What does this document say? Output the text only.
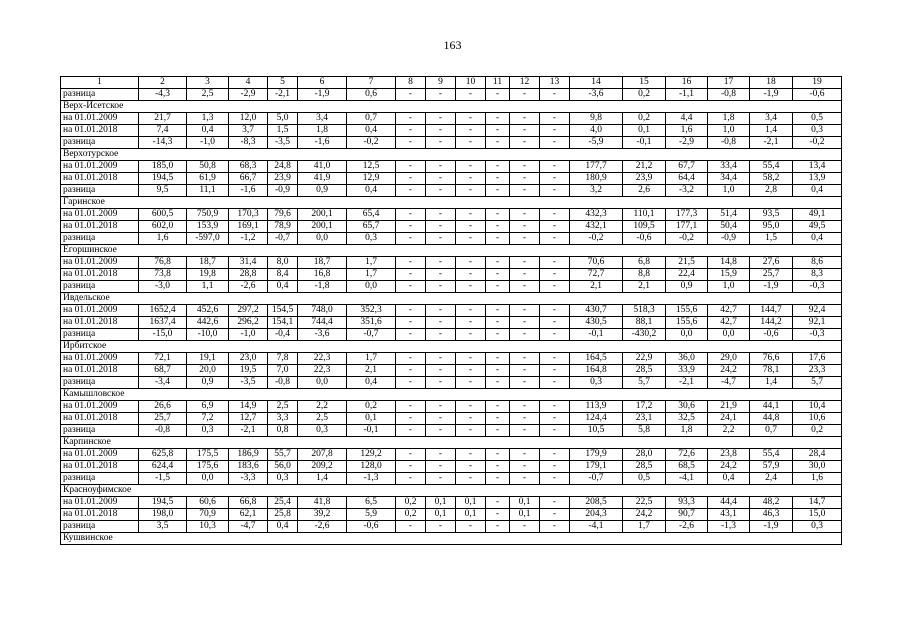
163
1	2	3	4	5	6	7	8	9	10	11	12	13	14	15	16	17	18	19
разница	-4,3	2,5	-2,9	-2,1	-1,9	0,6	-	-	-	-	-	-	-3,6	0,2	-1,1	-0,8	-1,9	-0,6
Верх-Исетское																		
на 01.01.2009	21,7	1,3	12,0	5,0	3,4	0,7	-	-	-	-	-	-	9,8	0,2	4,4	1,8	3,4	0,5
на 01.01.2018	7,4	0,4	3,7	1,5	1,8	0,4	-	-	-	-	-	-	4,0	0,1	1,6	1,0	1,4	0,3
разница	-14,3	-1,0	-8,3	-3,5	-1,6	-0,2	-	-	-	-	-	-	-5,9	-0,1	-2,9	-0,8	-2,1	-0,2
Верхотурское																		
на 01.01.2009	185,0	50,8	68,3	24,8	41,0	12,5	-	-	-	-	-	-	177,7	21,2	67,7	33,4	55,4	13,4
на 01.01.2018	194,5	61,9	66,7	23,9	41,9	12,9	-	-	-	-	-	-	180,9	23,9	64,4	34,4	58,2	13,9
разница	9,5	11,1	-1,6	-0,9	0,9	0,4	-	-	-	-	-	-	3,2	2,6	-3,2	1,0	2,8	0,4
Гаринское																		
на 01.01.2009	600,5	750,9	170,3	79,6	200,1	65,4	-	-	-	-	-	-	432,3	110,1	177,3	51,4	93,5	49,1
на 01.01.2018	602,0	153,9	169,1	78,9	200,1	65,7	-	-	-	-	-	-	432,1	109,5	177,1	50,4	95,0	49,5
разница	1,6	-597,0	-1,2	-0,7	0,0	0,3	-	-	-	-	-	-	-0,2	-0,6	-0,2	-0,9	1,5	0,4
Егоршинское																		
на 01.01.2009	76,8	18,7	31,4	8,0	18,7	1,7	-	-	-	-	-	-	70,6	6,8	21,5	14,8	27,6	8,6
на 01.01.2018	73,8	19,8	28,8	8,4	16,8	1,7	-	-	-	-	-	-	72,7	8,8	22,4	15,9	25,7	8,3
разница	-3,0	1,1	-2,6	0,4	-1,8	0,0	-	-	-	-	-	-	2,1	2,1	0,9	1,0	-1,9	-0,3
Ивдельское																		
на 01.01.2009	1652,4	452,6	297,2	154,5	748,0	352,3	-	-	-	-	-	-	430,7	518,3	155,6	42,7	144,7	92,4
на 01.01.2018	1637,4	442,6	296,2	154,1	744,4	351,6	-	-	-	-	-	-	430,5	88,1	155,6	42,7	144,2	92,1
разница	-15,0	-10,0	-1,0	-0,4	-3,6	-0,7	-	-	-	-	-	-	-0,1	-430,2	0,0	0,0	-0,6	-0,3
Ирбитское																		
на 01.01.2009	72,1	19,1	23,0	7,8	22,3	1,7	-	-	-	-	-	-	164,5	22,9	36,0	29,0	76,6	17,6
на 01.01.2018	68,7	20,0	19,5	7,0	22,3	2,1	-	-	-	-	-	-	164,8	28,5	33,9	24,2	78,1	23,3
разница	-3,4	0,9	-3,5	-0,8	0,0	0,4	-	-	-	-	-	-	0,3	5,7	-2,1	-4,7	1,4	5,7
Камышловское																		
на 01.01.2009	26,6	6,9	14,9	2,5	2,2	0,2	-	-	-	-	-	-	113,9	17,2	30,6	21,9	44,1	10,4
на 01.01.2018	25,7	7,2	12,7	3,3	2,5	0,1	-	-	-	-	-	-	124,4	23,1	32,5	24,1	44,8	10,6
разница	-0,8	0,3	-2,1	0,8	0,3	-0,1	-	-	-	-	-	-	10,5	5,8	1,8	2,2	0,7	0,2
Карпинское																		
на 01.01.2009	625,8	175,5	186,9	55,7	207,8	129,2	-	-	-	-	-	-	179,9	28,0	72,6	23,8	55,4	28,4
на 01.01.2018	624,4	175,6	183,6	56,0	209,2	128,0	-	-	-	-	-	-	179,1	28,5	68,5	24,2	57,9	30,0
разница	-1,5	0,0	-3,3	0,3	1,4	-1,3	-	-	-	-	-	-	-0,7	0,5	-4,1	0,4	2,4	1,6
Красноуфимское																		
на 01.01.2009	194,5	60,6	66,8	25,4	41,8	6,5	0,2	0,1	0,1	-	0,1	-	208,5	22,5	93,3	44,4	48,2	14,7
на 01.01.2018	198,0	70,9	62,1	25,8	39,2	5,9	0,2	0,1	0,1	-	0,1	-	204,3	24,2	90,7	43,1	46,3	15,0
разница	3,5	10,3	-4,7	0,4	-2,6	-0,6	-	-	-	-	-	-	-4,1	1,7	-2,6	-1,3	-1,9	0,3
Кушвинское																		
